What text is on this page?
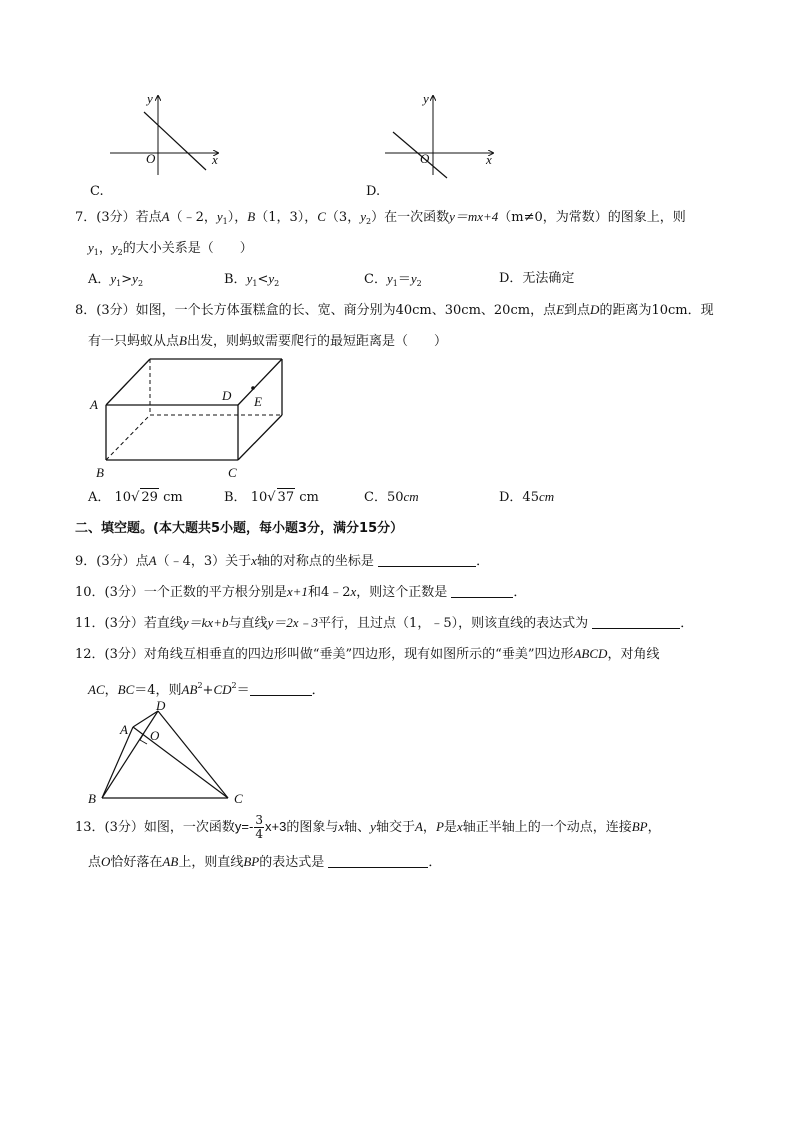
y
x
O
C.
y
x
O
D.
7．(3分）若点A（﹣2，$y_1$），B（1，3），C（3，$y_2$）在一次函数y＝mx+4（m≠0，为常数）的图象上，则
$y_1$，$y_2$的大小关系是（　　）
A．$y_1>y_2$	B．$y_1<y_2$	C．$y_1=y_2$	D．无法确定
8．(3分）如图，一个长方体蛋糕盒的长、宽、商分别为40cm、30cm、20cm，点E到点D的距离为10cm．现
有一只蚂蚁从点B出发，则蚂蚁需要爬行的最短距离是（　　）
A
B	C
D E
A． 10√ 29 cm	B． 10√ 37 cm	C．50cm	D．45cm
二、填空题。(本大题共5小题，每小题3分，满分15分）
9．(3分）点A（﹣4，3）关于x轴的对称点的坐标是	．
10．(3分）一个正数的平方根分别是x+1和4﹣2x，则这个正数是	．
11．(3分）若直线y＝kx+b与直线y＝2x﹣3平行，且过点（1，﹣5），则该直线的表达式为	．
12．(3分）对角线互相垂直的四边形叫做“垂美”四边形，现有如图所示的“垂美”四边形ABCD，对角线
AC，BC＝4，则$AB^2+CD^2=$	．
A
B	C
D
O
13．(3分）如图，一次函数$y=- \frac{3}{4} x+3$的图象与x轴、y轴交于A，P是x轴正半轴上的一个动点，连接BP，
点O恰好落在AB上，则直线BP的表达式是	．
